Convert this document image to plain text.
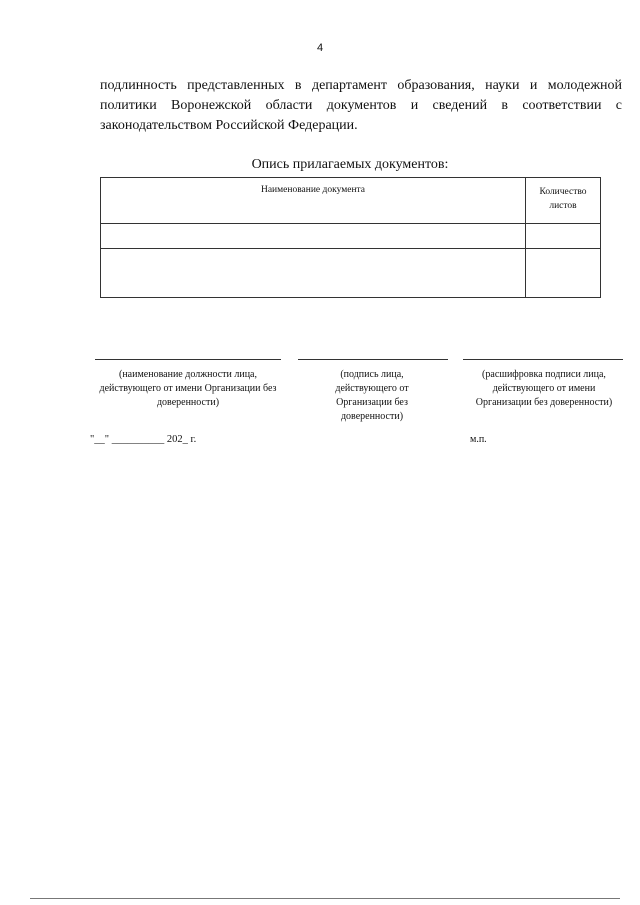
4

подлинность представленных в департамент образования, науки и молодежной политики Воронежской области документов и сведений в соответствии с законодательством Российской Федерации.

Опись прилагаемых документов:

Наименование документа	Количество листов

(наименование должности лица, действующего от имени Организации без доверенности)

(подпись лица, действующего от Организации без доверенности)

(расшифровка подписи лица, действующего от имени Организации без доверенности)

"__" __________ 202_ г.	м.п.
